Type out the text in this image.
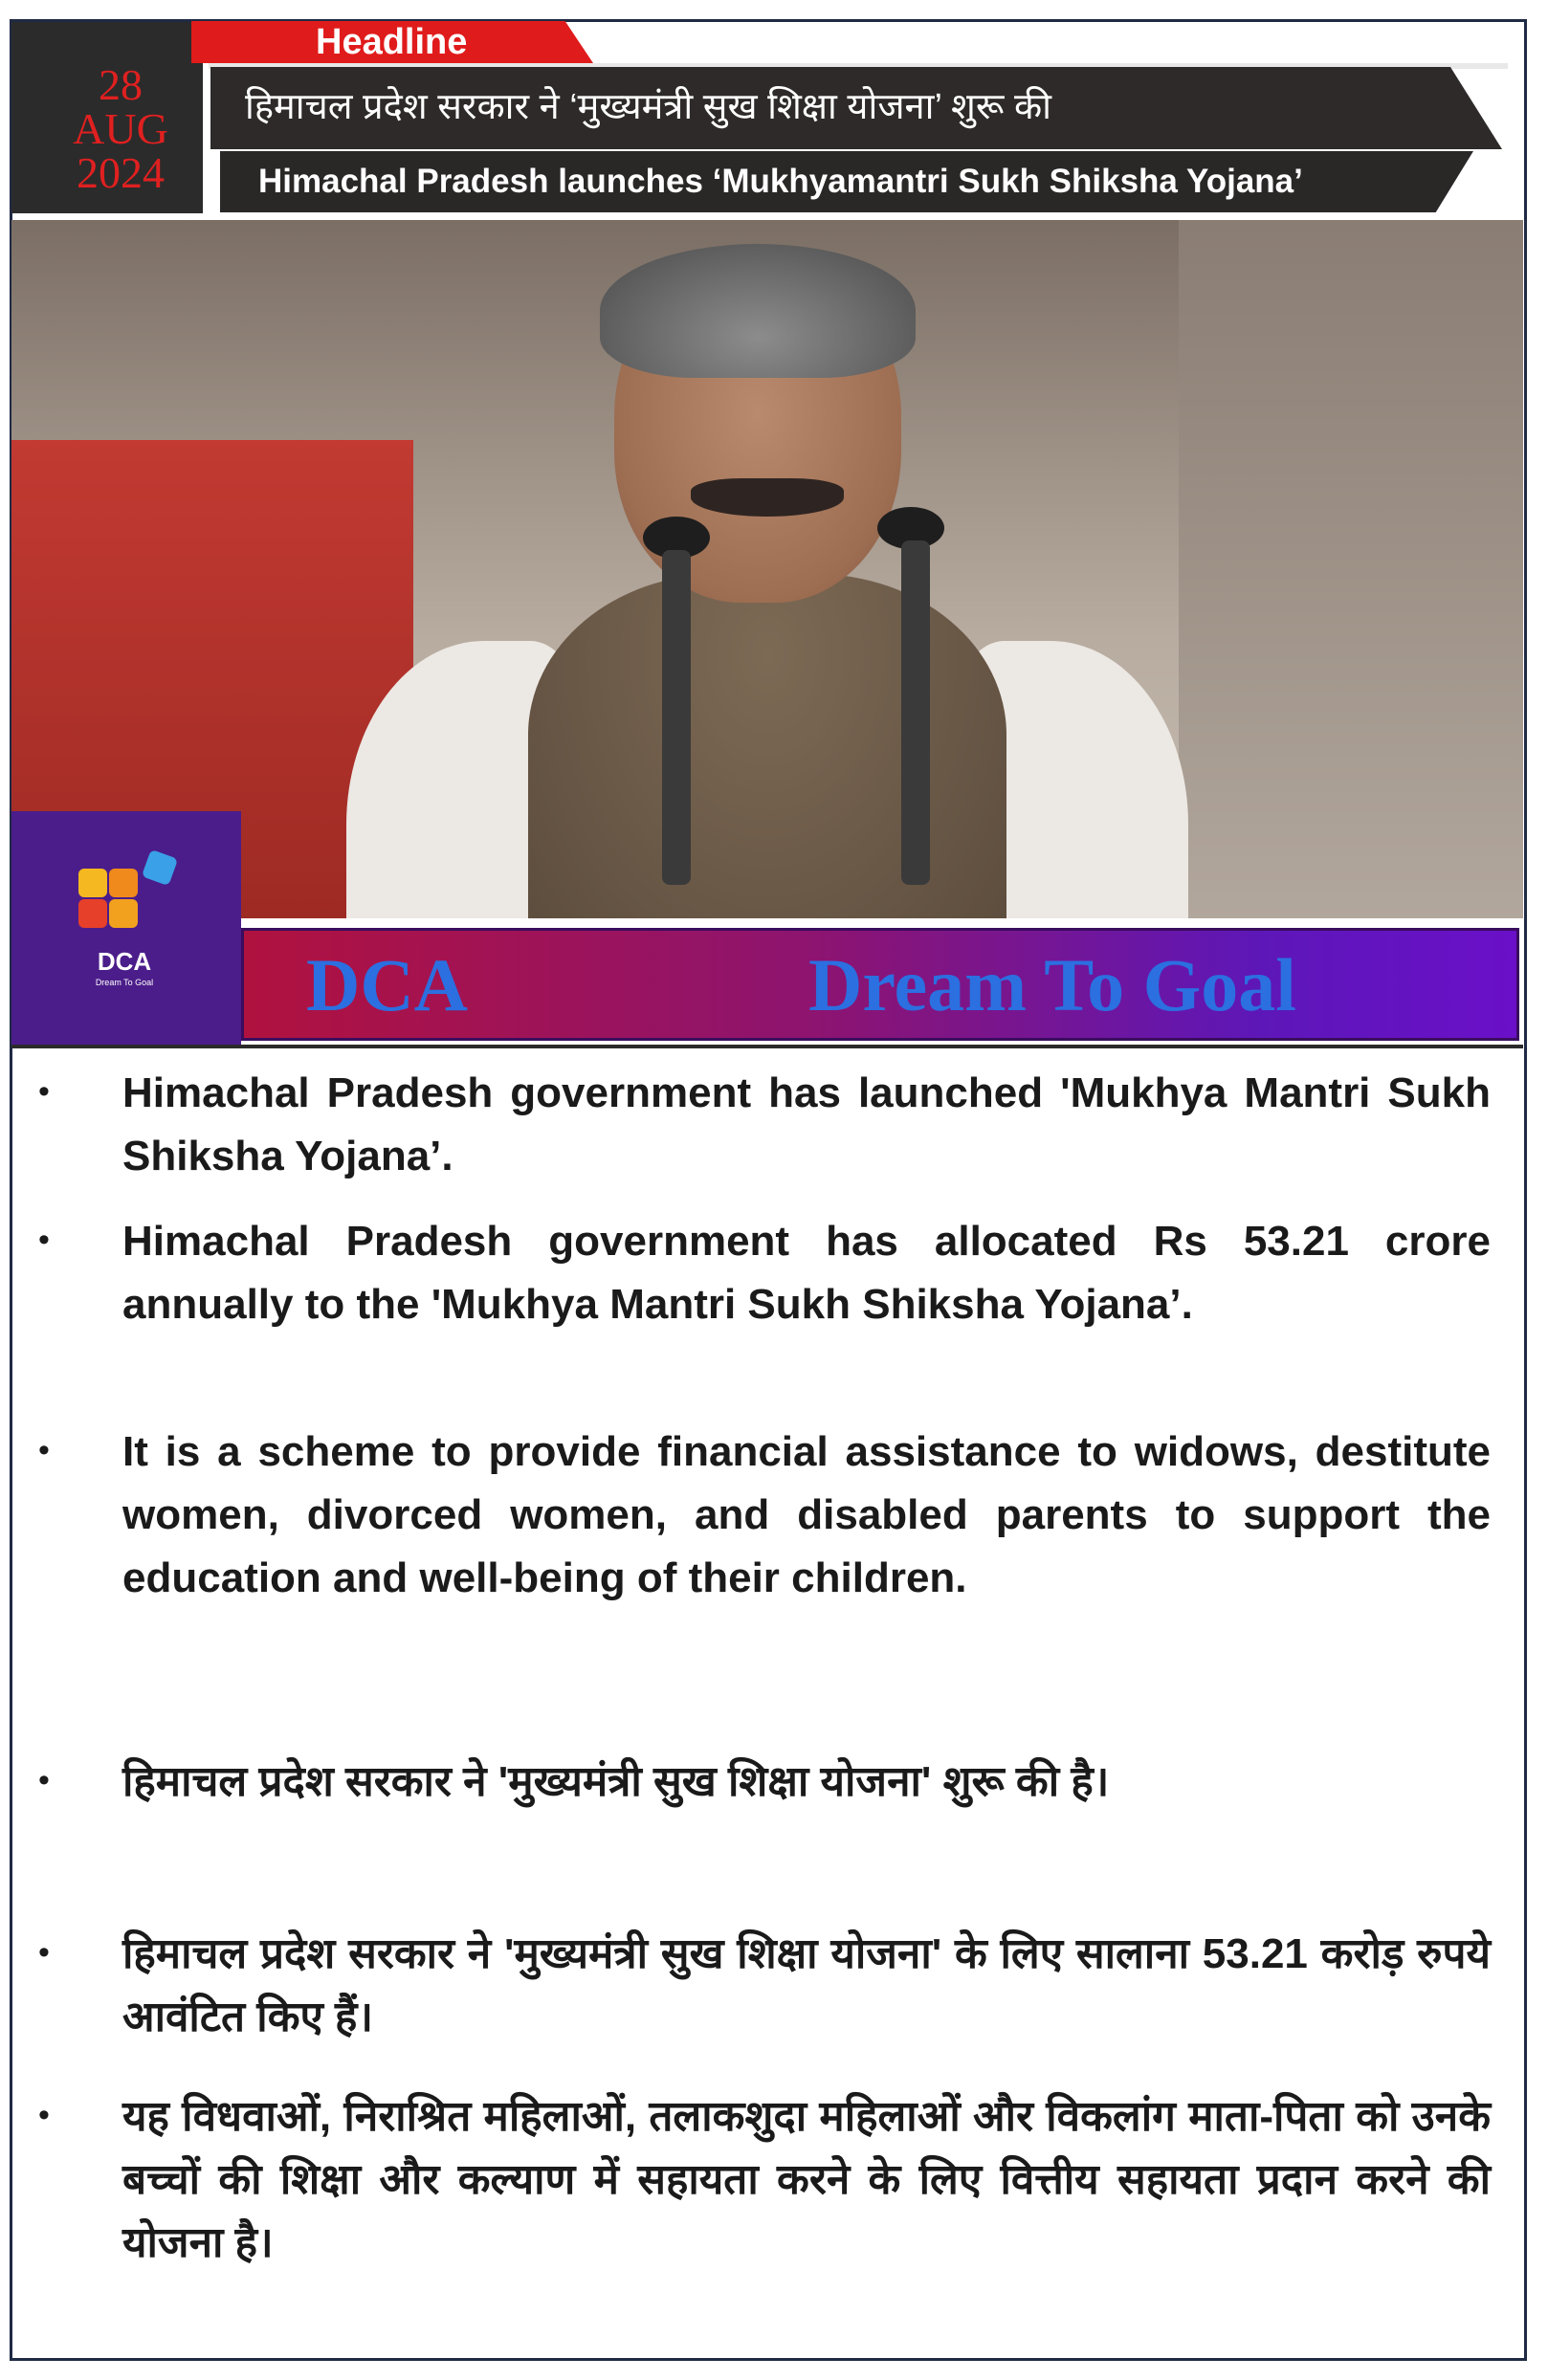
28
AUG
2024
Headline
हिमाचल प्रदेश सरकार ने ‘मुख्यमंत्री सुख शिक्षा योजना’ शुरू की
Himachal Pradesh launches ‘Mukhyamantri Sukh Shiksha Yojana’
DCA
Dream To Goal	DCA	Dream To Goal
• Himachal Pradesh government has launched 'Mukhya Mantri Sukh Shiksha Yojana’.
• Himachal Pradesh government has allocated Rs 53.21 crore annually to the 'Mukhya Mantri Sukh Shiksha Yojana’.
• It is a scheme to provide financial assistance to widows, destitute women, divorced women, and disabled parents to support the education and well-being of their children.
• हिमाचल प्रदेश सरकार ने 'मुख्यमंत्री सुख शिक्षा योजना' शुरू की है।
• हिमाचल प्रदेश सरकार ने 'मुख्यमंत्री सुख शिक्षा योजना' के लिए सालाना 53.21 करोड़ रुपये आवंटित किए हैं।
• यह विधवाओं, निराश्रित महिलाओं, तलाकशुदा महिलाओं और विकलांग माता-पिता को उनके बच्चों की शिक्षा और कल्याण में सहायता करने के लिए वित्तीय सहायता प्रदान करने की योजना है।
